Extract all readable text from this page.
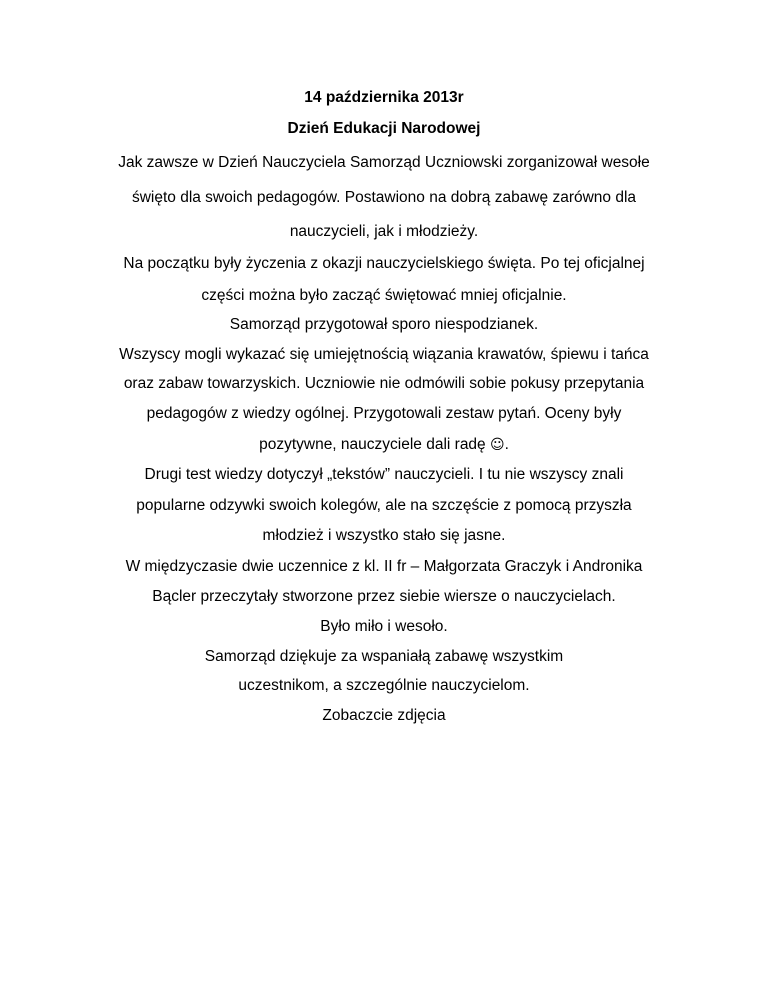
14 października 2013r
Dzień Edukacji Narodowej
Jak zawsze w Dzień Nauczyciela Samorząd Uczniowski zorganizował wesołe
święto dla swoich pedagogów. Postawiono na dobrą zabawę zarówno dla
nauczycieli, jak i młodzieży.
Na początku były życzenia z okazji nauczycielskiego święta. Po tej oficjalnej
części można było zacząć świętować mniej oficjalnie.
Samorząd przygotował sporo niespodzianek.
Wszyscy mogli wykazać się umiejętnością wiązania krawatów, śpiewu i tańca
oraz zabaw towarzyskich. Uczniowie nie odmówili sobie pokusy przepytania
pedagogów z wiedzy ogólnej. Przygotowali zestaw pytań. Oceny były
pozytywne, nauczyciele dali radę ☺.
Drugi test wiedzy dotyczył „tekstów” nauczycieli. I tu nie wszyscy znali
popularne odzywki swoich kolegów, ale na szczęście z pomocą przyszła
młodzież i wszystko stało się jasne.
W międzyczasie dwie uczennice z kl. II fr – Małgorzata Graczyk i Andronika
Bącler przeczytały stworzone przez siebie wiersze o nauczycielach.
Było miło i wesoło.
Samorząd dziękuje za wspaniałą zabawę wszystkim
uczestnikom, a szczególnie nauczycielom.
Zobaczcie zdjęcia
